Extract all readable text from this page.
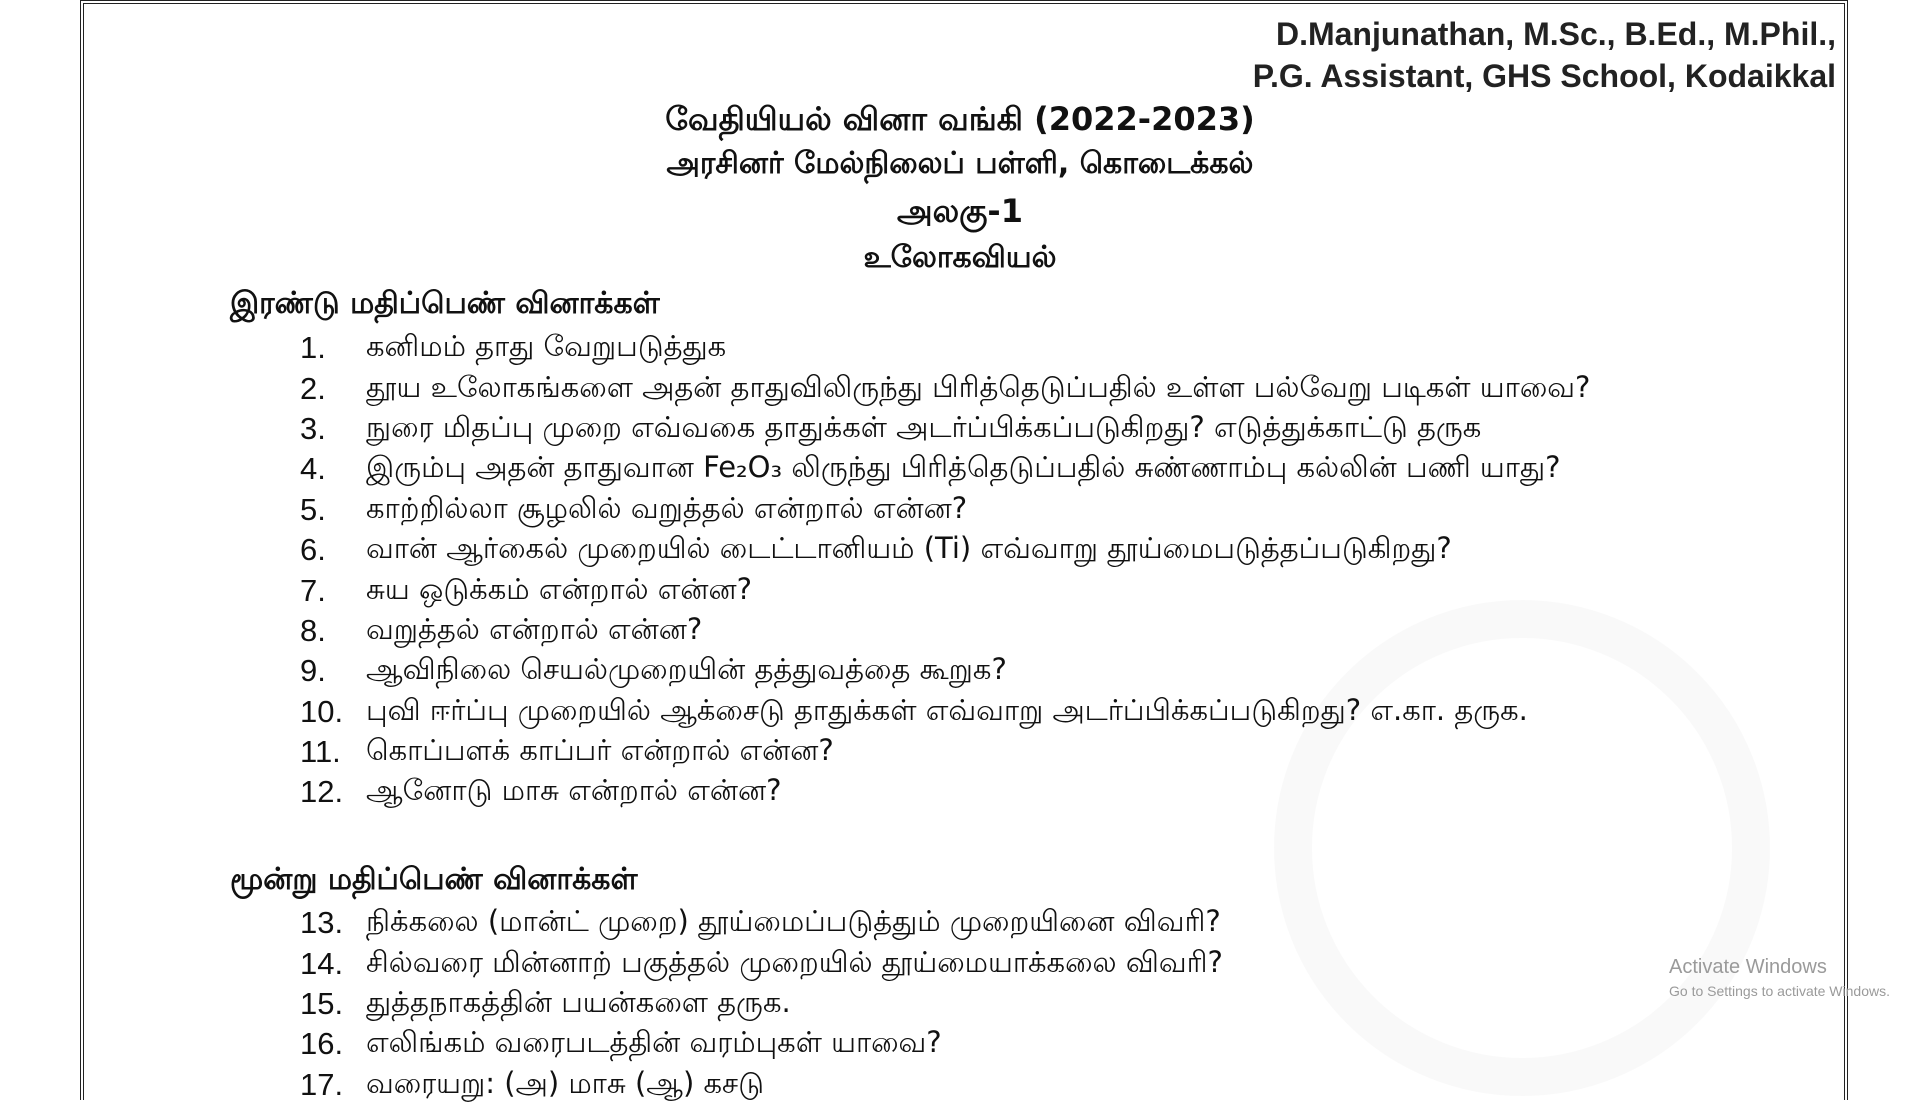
D.Manjunathan, M.Sc., B.Ed., M.Phil.,
P.G. Assistant, GHS School, Kodaikkal
வேதியியல் வினா வங்கி (2022-2023)
அரசினர் மேல்நிலைப் பள்ளி, கொடைக்கல்
அலகு-1
உலோகவியல்
இரண்டு மதிப்பெண் வினாக்கள்
1.	கனிமம் தாது வேறுபடுத்துக
2.	தூய உலோகங்களை அதன் தாதுவிலிருந்து பிரித்தெடுப்பதில் உள்ள பல்வேறு படிகள் யாவை?
3.	நுரை மிதப்பு முறை எவ்வகை தாதுக்கள் அடர்ப்பிக்கப்படுகிறது? எடுத்துக்காட்டு தருக
4.	இரும்பு அதன் தாதுவான Fe₂O₃ லிருந்து பிரித்தெடுப்பதில் சுண்ணாம்பு கல்லின் பணி யாது?
5.	காற்றில்லா சூழலில் வறுத்தல் என்றால் என்ன?
6.	வான் ஆர்கைல் முறையில் டைட்டானியம் (Ti) எவ்வாறு தூய்மைபடுத்தப்படுகிறது?
7.	சுய ஒடுக்கம் என்றால் என்ன?
8.	வறுத்தல் என்றால் என்ன?
9.	ஆவிநிலை செயல்முறையின் தத்துவத்தை கூறுக?
10. புவி ஈர்ப்பு முறையில் ஆக்சைடு தாதுக்கள் எவ்வாறு அடர்ப்பிக்கப்படுகிறது? எ.கா. தருக.
11. கொப்பளக் காப்பர் என்றால் என்ன?
12. ஆனோடு மாசு என்றால் என்ன?
மூன்று மதிப்பெண் வினாக்கள்
13. நிக்கலை (மான்ட் முறை) தூய்மைப்படுத்தும் முறையினை விவரி?
14. சில்வரை மின்னாற் பகுத்தல் முறையில் தூய்மையாக்கலை விவரி?
15. துத்தநாகத்தின் பயன்களை தருக.
16. எலிங்கம் வரைபடத்தின் வரம்புகள் யாவை?
17. வரையறு: (அ) மாசு (ஆ) கசடு
Activate Windows
Go to Settings to activate Windows.
